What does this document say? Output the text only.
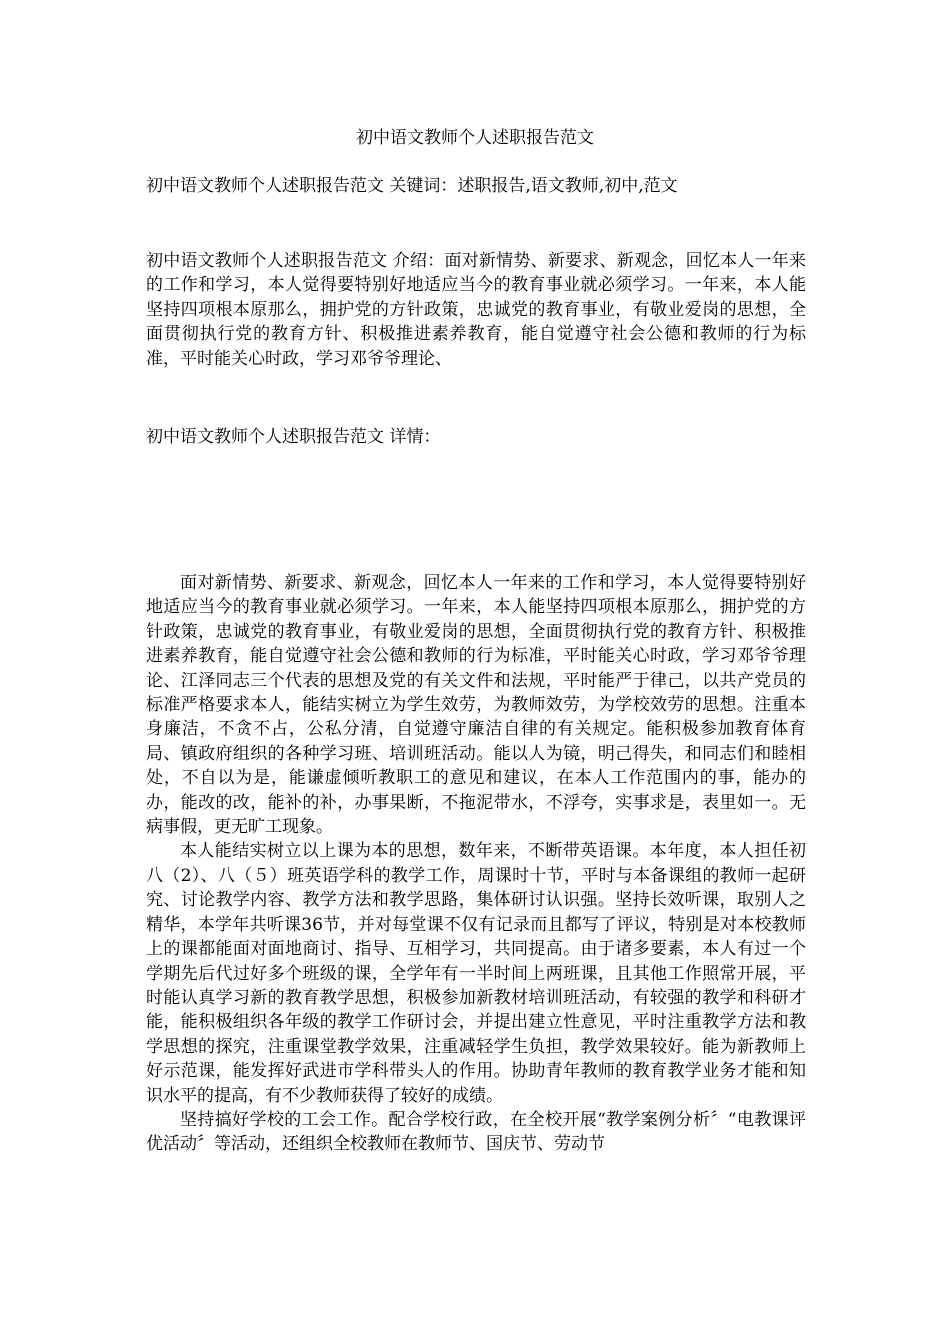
初中语文教师个人述职报告范文
初中语文教师个人述职报告范文 关键词：述职报告,语文教师,初中,范文
初中语文教师个人述职报告范文 介绍：面对新情势、新要求、新观念，回忆本人一年来的工作和学习，本人觉得要特别好地适应当今的教育事业就必须学习。一年来，本人能坚持四项根本原那么，拥护党的方针政策，忠诚党的教育事业，有敬业爱岗的思想，全面贯彻执行党的教育方针、积极推进素养教育，能自觉遵守社会公德和教师的行为标准，平时能关心时政，学习邓爷爷理论、
初中语文教师个人述职报告范文 详情：

面对新情势、新要求、新观念，回忆本人一年来的工作和学习，本人觉得要特别好地适应当今的教育事业就必须学习。一年来，本人能坚持四项根本原那么，拥护党的方针政策，忠诚党的教育事业，有敬业爱岗的思想，全面贯彻执行党的教育方针、积极推进素养教育，能自觉遵守社会公德和教师的行为标准，平时能关心时政，学习邓爷爷理论、江泽同志三个代表的思想及党的有关文件和法规，平时能严于律己，以共产党员的标准严格要求本人，能结实树立为学生效劳，为教师效劳，为学校效劳的思想。注重本身廉洁，不贪不占，公私分清，自觉遵守廉洁自律的有关规定。能积极参加教育体育局、镇政府组织的各种学习班、培训班活动。能以人为镜，明己得失，和同志们和睦相处，不自以为是，能谦虚倾听教职工的意见和建议，在本人工作范围内的事，能办的办，能改的改，能补的补，办事果断，不拖泥带水，不浮夸，实事求是，表里如一。无病事假，更无旷工现象。

本人能结实树立以上课为本的思想，数年来，不断带英语课。本年度，本人担任初八（2）、八（５）班英语学科的教学工作，周课时十节，平时与本备课组的教师一起研究、讨论教学内容、教学方法和教学思路，集体研讨认识强。坚持长效听课，取别人之精华，本学年共听课36节，并对每堂课不仅有记录而且都写了评议，特别是对本校教师上的课都能面对面地商讨、指导、互相学习，共同提高。由于诸多要素，本人有过一个学期先后代过好多个班级的课，全学年有一半时间上两班课，且其他工作照常开展，平时能认真学习新的教育教学思想，积极参加新教材培训班活动，有较强的教学和科研才能，能积极组织各年级的教学工作研讨会，并提出建立性意见，平时注重教学方法和教学思想的探究，注重课堂教学效果，注重减轻学生负担，教学效果较好。能为新教师上好示范课，能发挥好武进市学科带头人的作用。协助青年教师的教育教学业务才能和知识水平的提高，有不少教师获得了较好的成绩。

坚持搞好学校的工会工作。配合学校行政，在全校开展“教学案例分析〞“电教课评优活动〞等活动，还组织全校教师在教师节、国庆节、劳动节
